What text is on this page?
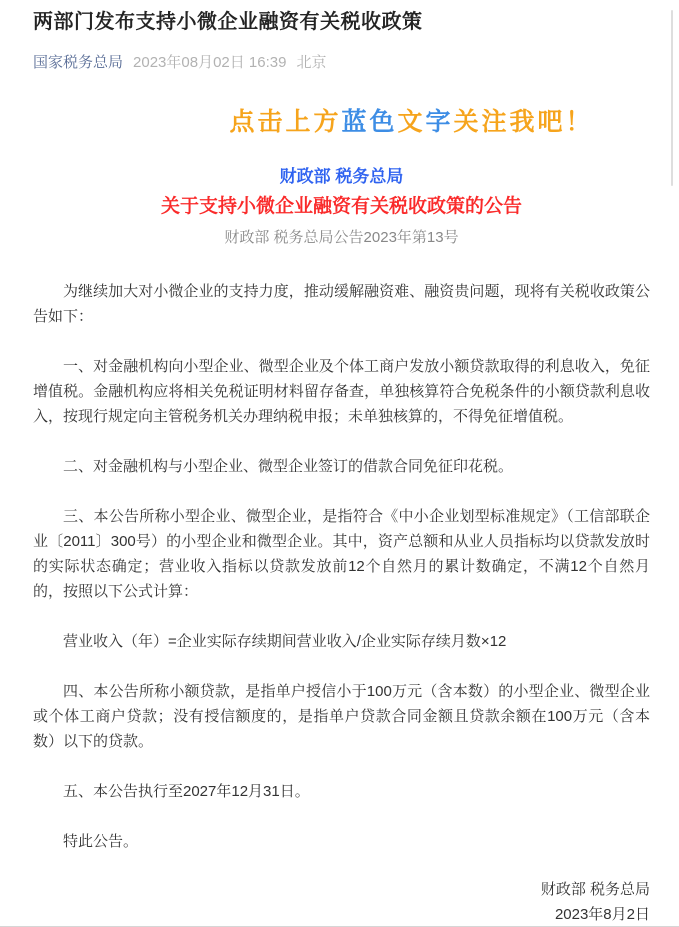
两部门发布支持小微企业融资有关税收政策
国家税务总局 2023年08月02日 16:39 北京
点击上方蓝色文字关注我吧！
财政部 税务总局
关于支持小微企业融资有关税收政策的公告
财政部 税务总局公告2023年第13号

为继续加大对小微企业的支持力度，推动缓解融资难、融资贵问题，现将有关税收政策公告如下：

一、对金融机构向小型企业、微型企业及个体工商户发放小额贷款取得的利息收入，免征增值税。金融机构应将相关免税证明材料留存备查，单独核算符合免税条件的小额贷款利息收入，按现行规定向主管税务机关办理纳税申报；未单独核算的，不得免征增值税。

二、对金融机构与小型企业、微型企业签订的借款合同免征印花税。

三、本公告所称小型企业、微型企业，是指符合《中小企业划型标准规定》（工信部联企业〔2011〕300号）的小型企业和微型企业。其中，资产总额和从业人员指标均以贷款发放时的实际状态确定；营业收入指标以贷款发放前12个自然月的累计数确定，不满12个自然月的，按照以下公式计算：

营业收入（年）=企业实际存续期间营业收入/企业实际存续月数×12

四、本公告所称小额贷款，是指单户授信小于100万元（含本数）的小型企业、微型企业或个体工商户贷款；没有授信额度的，是指单户贷款合同金额且贷款余额在100万元（含本数）以下的贷款。

五、本公告执行至2027年12月31日。

特此公告。

财政部 税务总局
2023年8月2日
